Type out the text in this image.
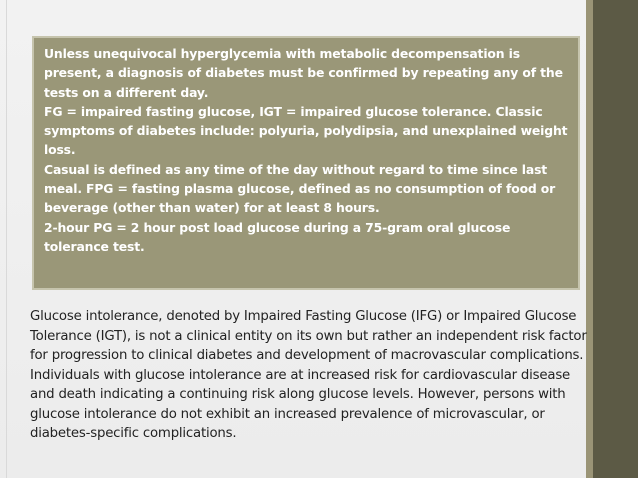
Unless unequivocal hyperglycemia with metabolic decompensation is present, a diagnosis of diabetes must be confirmed by repeating any of the tests on a different day.
FG = impaired fasting glucose, IGT = impaired glucose tolerance. Classic symptoms of diabetes include: polyuria, polydipsia, and unexplained weight loss.
Casual is defined as any time of the day without regard to time since last meal. FPG = fasting plasma glucose, defined as no consumption of food or beverage (other than water) for at least 8 hours.
2-hour PG = 2 hour post load glucose during a 75-gram oral glucose tolerance test.

Glucose intolerance, denoted by Impaired Fasting Glucose (IFG) or Impaired Glucose Tolerance (IGT), is not a clinical entity on its own but rather an independent risk factor for progression to clinical diabetes and development of macrovascular complications. Individuals with glucose intolerance are at increased risk for cardiovascular disease and death indicating a continuing risk along glucose levels. However, persons with glucose intolerance do not exhibit an increased prevalence of microvascular, or diabetes-specific complications.
